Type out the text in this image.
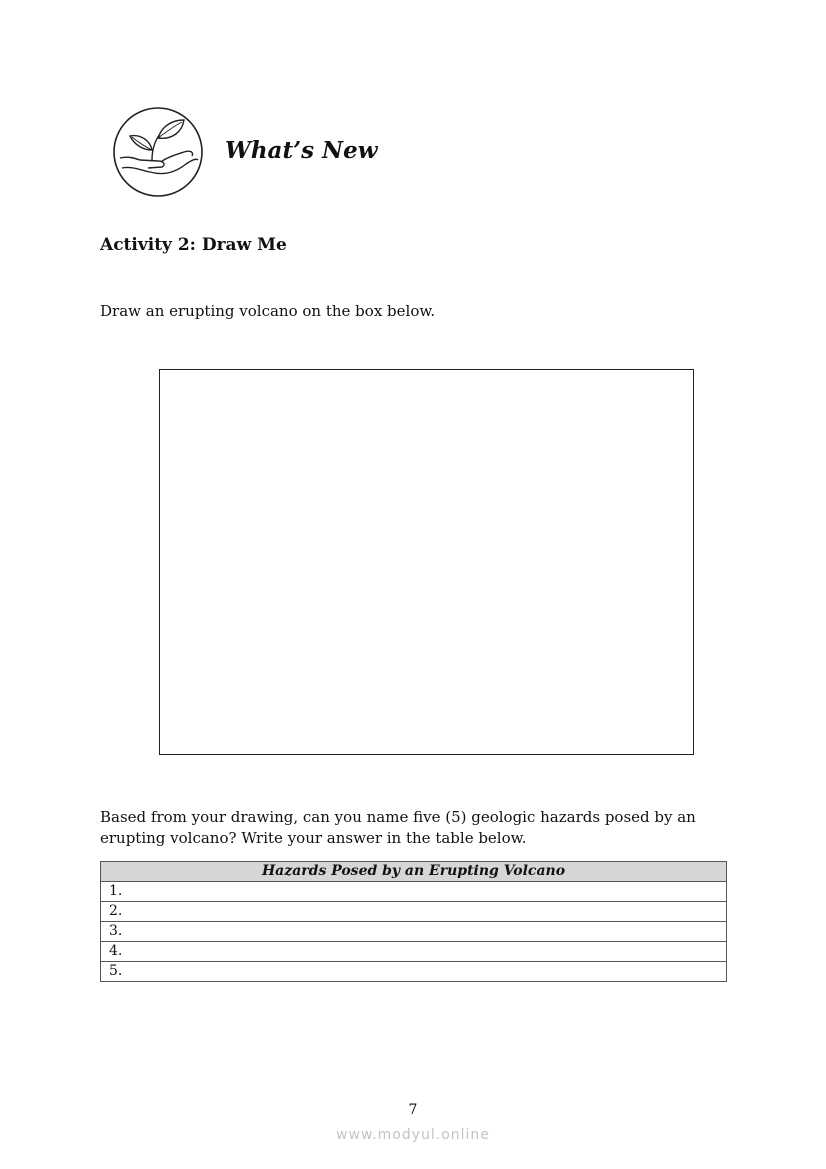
What’s New
Activity 2: Draw Me

Draw an erupting volcano on the box below.

Based from your drawing, can you name five (5) geologic hazards posed by an erupting volcano? Write your answer in the table below.

Hazards Posed by an Erupting Volcano
1.
2.
3.
4.
5.

7

www.modyul.online
